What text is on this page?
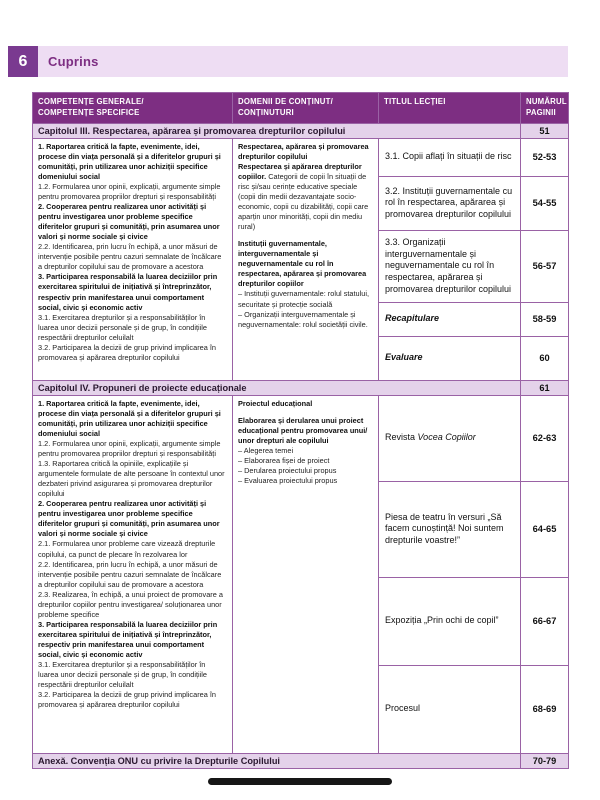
6 Cuprins
COMPETENȚE GENERALE/
COMPETENȚE SPECIFICE	DOMENII DE CONȚINUT/
CONȚINUTURI	TITLUL LECȚIEI	NUMĂRUL
PAGINII
Capitolul III. Respectarea, apărarea și promovarea drepturilor copilului			51

1. Raportarea critică la fapte, evenimente, idei, procese din viața personală și a diferitelor grupuri și comunități, prin utilizarea unor achiziții specifice domeniului social

1.2. Formularea unor opinii, explicații, argumente simple pentru promovarea propriilor drepturi și responsabilități

2. Cooperarea pentru realizarea unor activități și pentru investigarea unor probleme specifice diferitelor grupuri și comunități, prin asumarea unor valori și norme sociale și civice

2.2. Identificarea, prin lucru în echipă, a unor măsuri de intervenție posibile pentru cazuri semnalate de încălcare a drepturilor copilului sau de promovare a acestora

3. Participarea responsabilă la luarea deciziilor prin exercitarea spiritului de inițiativă și întreprinzător, respectiv prin manifestarea unui comportament social, civic și economic activ

3.1. Exercitarea drepturilor și a responsabilităților în luarea unor decizii personale și de grup, în condițiile respectării drepturilor celuilalt

3.2. Participarea la decizii de grup privind implicarea în promovarea și apărarea drepturilor copilului

Respectarea, apărarea și promovarea drepturilor copilului

Respectarea și apărarea drepturilor copiilor. Categorii de copii în situații de risc și/sau cerințe educative speciale (copii din medii dezavantajate socio-economic, copii cu dizabilități, copii care aparțin unor minorități, copii din mediu rural)

Instituții guvernamentale, interguvernamentale și neguvernamentale cu rol în respectarea, apărarea și promovarea drepturilor copiilor

– Instituții guvernamentale: rolul statului, securitate și protecție socială

– Organizații interguvernamentale și neguvernamentale: rolul societății civile.

	3.1. Copii aflați în situații de risc	52-53
		3.2. Instituții guvernamentale cu rol în respectarea, apărarea și promovarea drepturilor copilului	54-55
		3.3. Organizații interguvernamentale și neguvernamentale cu rol în respectarea, apărarea și promovarea drepturilor copilului	56-57
		Recapitulare	58-59
		Evaluare	60
Capitolul IV. Propuneri de proiecte educaționale			61

1. Raportarea critică la fapte, evenimente, idei, procese din viața personală și a diferitelor grupuri și comunități, prin utilizarea unor achiziții specifice domeniului social

1.2. Formularea unor opinii, explicații, argumente simple pentru promovarea propriilor drepturi și responsabilități

1.3. Raportarea critică la opiniile, explicațiile și argumentele formulate de alte persoane în contextul unor dezbateri privind asigurarea și promovarea drepturilor copilului

2. Cooperarea pentru realizarea unor activități și pentru investigarea unor probleme specifice diferitelor grupuri și comunități, prin asumarea unor valori și norme sociale și civice

2.1. Formularea unor probleme care vizează drepturile copilului, ca punct de plecare în rezolvarea lor

2.2. Identificarea, prin lucru în echipă, a unor măsuri de intervenție posibile pentru cazuri semnalate de încălcare a drepturilor copilului sau de promovare a acestora

2.3. Realizarea, în echipă, a unui proiect de promovare a drepturilor copiilor pentru investigarea/ soluționarea unor probleme specifice

3. Participarea responsabilă la luarea deciziilor prin exercitarea spiritului de inițiativă și întreprinzător, respectiv prin manifestarea unui comportament social, civic și economic activ

3.1. Exercitarea drepturilor și a responsabilităților în luarea unor decizii personale și de grup, în condițiile respectării drepturilor celuilalt

3.2. Participarea la decizii de grup privind implicarea în promovarea și apărarea drepturilor copilului

Proiectul educațional

Elaborarea și derularea unui proiect educațional pentru promovarea unui/ unor drepturi ale copilului

– Alegerea temei

– Elaborarea fișei de proiect

– Derularea proiectului propus

– Evaluarea proiectului propus

	Revista Vocea Copiilor	62-63
		Piesa de teatru în versuri „Să facem cunoștință! Noi suntem drepturile voastre!”	64-65
		Expoziția „Prin ochi de copil”	66-67
		Procesul	68-69
Anexă. Convenția ONU cu privire la Drepturile Copilului			70-79
